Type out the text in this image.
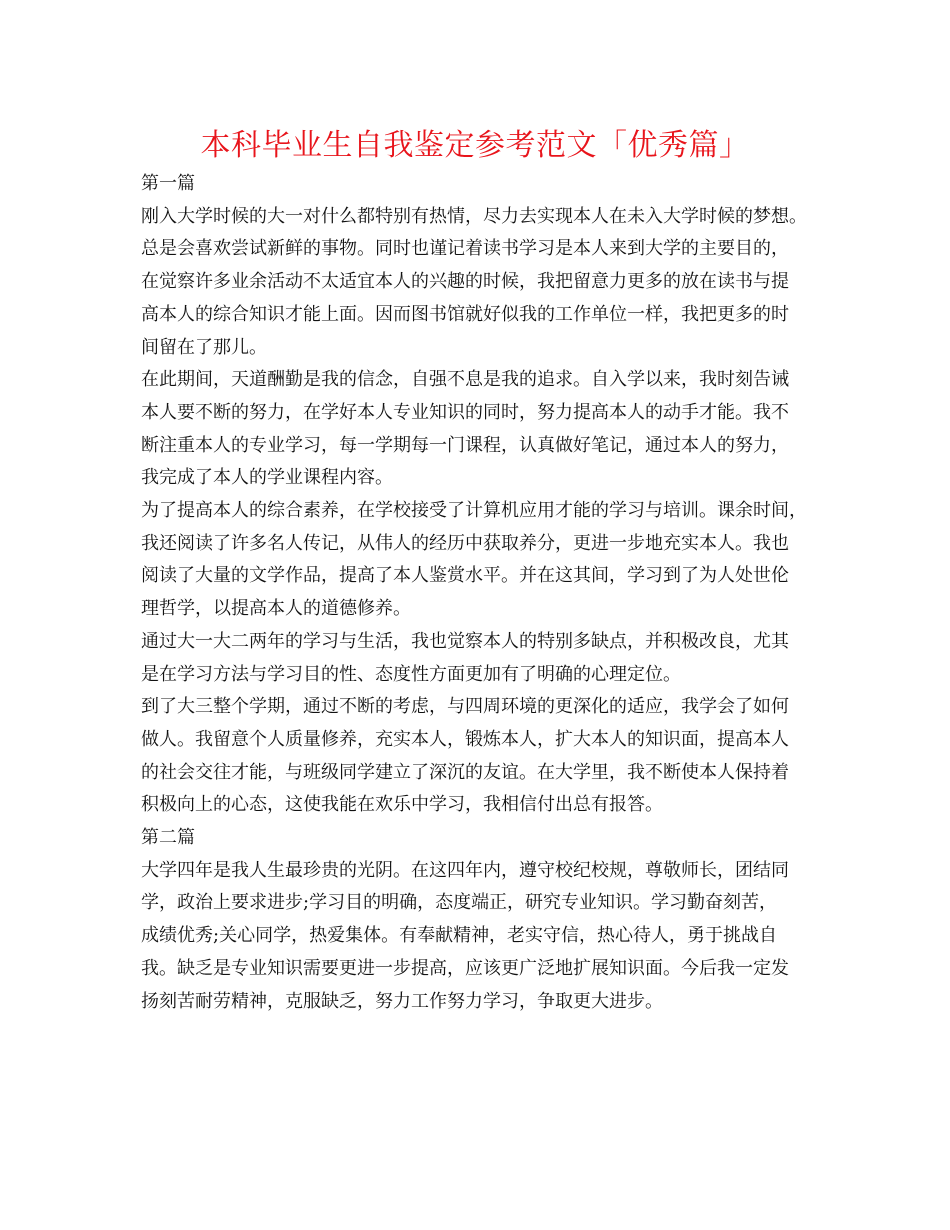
本科毕业生自我鉴定参考范文「优秀篇」
第一篇
刚入大学时候的大一对什么都特别有热情，尽力去实现本人在未入大学时候的梦想。
总是会喜欢尝试新鲜的事物。同时也谨记着读书学习是本人来到大学的主要目的，
在觉察许多业余活动不太适宜本人的兴趣的时候，我把留意力更多的放在读书与提
高本人的综合知识才能上面。因而图书馆就好似我的工作单位一样，我把更多的时
间留在了那儿。
在此期间，天道酬勤是我的信念，自强不息是我的追求。自入学以来，我时刻告诫
本人要不断的努力，在学好本人专业知识的同时，努力提高本人的动手才能。我不
断注重本人的专业学习，每一学期每一门课程，认真做好笔记，通过本人的努力，
我完成了本人的学业课程内容。
为了提高本人的综合素养，在学校接受了计算机应用才能的学习与培训。课余时间，
我还阅读了许多名人传记，从伟人的经历中获取养分，更进一步地充实本人。我也
阅读了大量的文学作品，提高了本人鉴赏水平。并在这其间，学习到了为人处世伦
理哲学，以提高本人的道德修养。
通过大一大二两年的学习与生活，我也觉察本人的特别多缺点，并积极改良，尤其
是在学习方法与学习目的性、态度性方面更加有了明确的心理定位。
到了大三整个学期，通过不断的考虑，与四周环境的更深化的适应，我学会了如何
做人。我留意个人质量修养，充实本人，锻炼本人，扩大本人的知识面，提高本人
的社会交往才能，与班级同学建立了深沉的友谊。在大学里，我不断使本人保持着
积极向上的心态，这使我能在欢乐中学习，我相信付出总有报答。
第二篇
大学四年是我人生最珍贵的光阴。在这四年内，遵守校纪校规，尊敬师长，团结同
学，政治上要求进步;学习目的明确，态度端正，研究专业知识。学习勤奋刻苦，
成绩优秀;关心同学，热爱集体。有奉献精神，老实守信，热心待人，勇于挑战自
我。缺乏是专业知识需要更进一步提高，应该更广泛地扩展知识面。今后我一定发
扬刻苦耐劳精神，克服缺乏，努力工作努力学习，争取更大进步。
